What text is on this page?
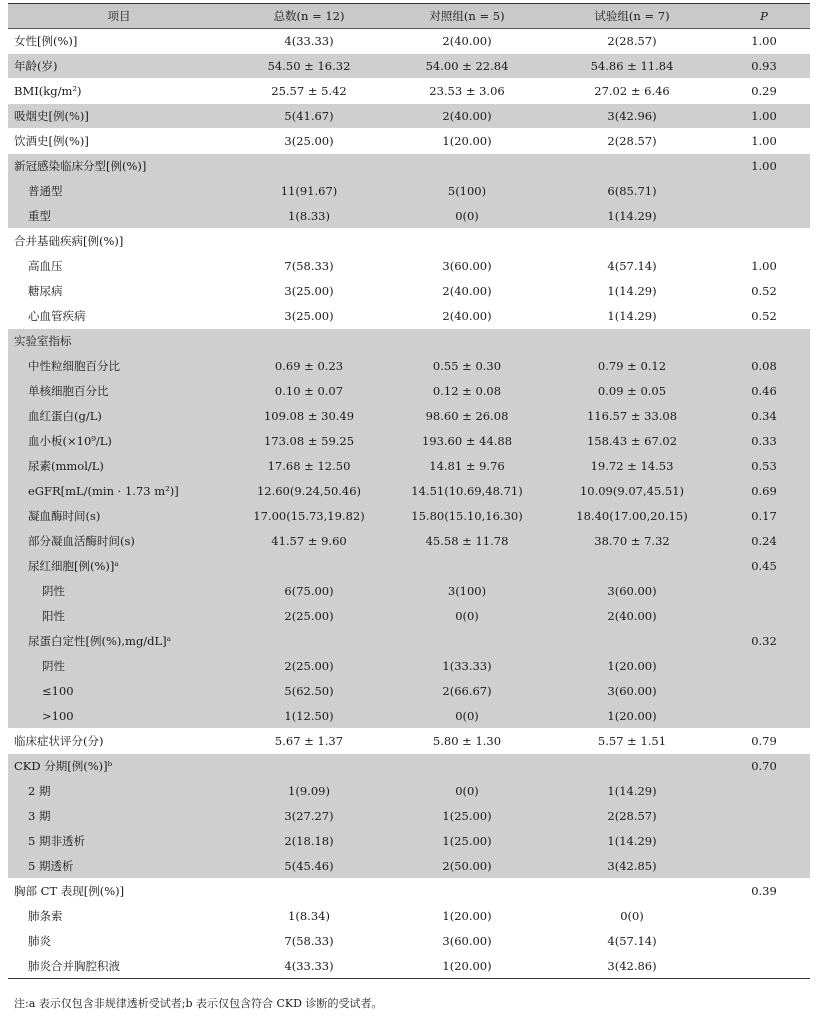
项目	总数(n = 12)	对照组(n = 5)	试验组(n = 7)	P
女性[例(%)]	4(33.33)	2(40.00)	2(28.57)	1.00
年龄(岁)	54.50 ± 16.32	54.00 ± 22.84	54.86 ± 11.84	0.93
BMI(kg/m²)	25.57 ± 5.42	23.53 ± 3.06	27.02 ± 6.46	0.29
吸烟史[例(%)]	5(41.67)	2(40.00)	3(42.96)	1.00
饮酒史[例(%)]	3(25.00)	1(20.00)	2(28.57)	1.00
新冠感染临床分型[例(%)]				1.00
普通型	11(91.67)	5(100)	6(85.71)	
重型	1(8.33)	0(0)	1(14.29)	
合并基础疾病[例(%)]				
高血压	7(58.33)	3(60.00)	4(57.14)	1.00
糖尿病	3(25.00)	2(40.00)	1(14.29)	0.52
心血管疾病	3(25.00)	2(40.00)	1(14.29)	0.52
实验室指标				
中性粒细胞百分比	0.69 ± 0.23	0.55 ± 0.30	0.79 ± 0.12	0.08
单核细胞百分比	0.10 ± 0.07	0.12 ± 0.08	0.09 ± 0.05	0.46
血红蛋白(g/L)	109.08 ± 30.49	98.60 ± 26.08	116.57 ± 33.08	0.34
血小板(×10⁹/L)	173.08 ± 59.25	193.60 ± 44.88	158.43 ± 67.02	0.33
尿素(mmol/L)	17.68 ± 12.50	14.81 ± 9.76	19.72 ± 14.53	0.53
eGFR[mL/(min · 1.73 m²)]	12.60(9.24,50.46)	14.51(10.69,48.71)	10.09(9.07,45.51)	0.69
凝血酶时间(s)	17.00(15.73,19.82)	15.80(15.10,16.30)	18.40(17.00,20.15)	0.17
部分凝血活酶时间(s)	41.57 ± 9.60	45.58 ± 11.78	38.70 ± 7.32	0.24
尿红细胞[例(%)]ᵃ				0.45
阴性	6(75.00)	3(100)	3(60.00)	
阳性	2(25.00)	0(0)	2(40.00)	
尿蛋白定性[例(%),mg/dL]ᵃ				0.32
阴性	2(25.00)	1(33.33)	1(20.00)	
≤100	5(62.50)	2(66.67)	3(60.00)	
>100	1(12.50)	0(0)	1(20.00)	
临床症状评分(分)	5.67 ± 1.37	5.80 ± 1.30	5.57 ± 1.51	0.79
CKD 分期[例(%)]ᵇ				0.70
2 期	1(9.09)	0(0)	1(14.29)	
3 期	3(27.27)	1(25.00)	2(28.57)	
5 期非透析	2(18.18)	1(25.00)	1(14.29)	
5 期透析	5(45.46)	2(50.00)	3(42.85)	
胸部 CT 表现[例(%)]				0.39
肺条索	1(8.34)	1(20.00)	0(0)	
肺炎	7(58.33)	3(60.00)	4(57.14)	
肺炎合并胸腔积液	4(33.33)	1(20.00)	3(42.86)	
注:a 表示仅包含非规律透析受试者;b 表示仅包含符合 CKD 诊断的受试者。
